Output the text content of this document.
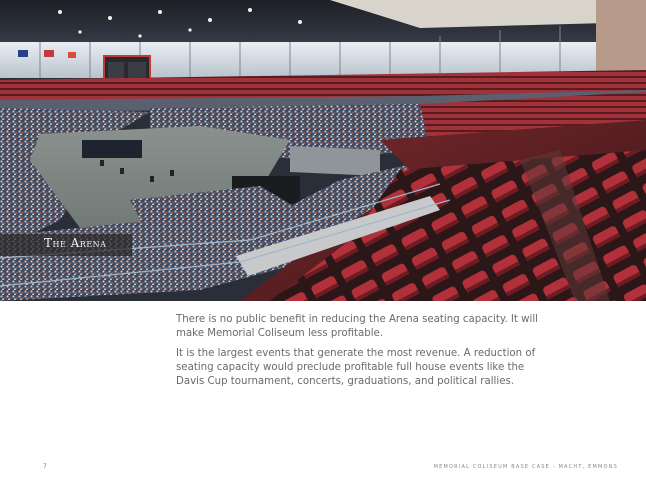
The Arena

There is no public benefit in reducing the Arena seating capacity. It will make Memorial Coliseum less profitable.

It is the largest events that generate the most revenue. A reduction of seating capacity would preclude profitable full house events like the Davis Cup tournament, concerts, graduations, and political rallies.

7	MEMORIAL COLISEUM BASE CASE - MACHT, EMMONS
